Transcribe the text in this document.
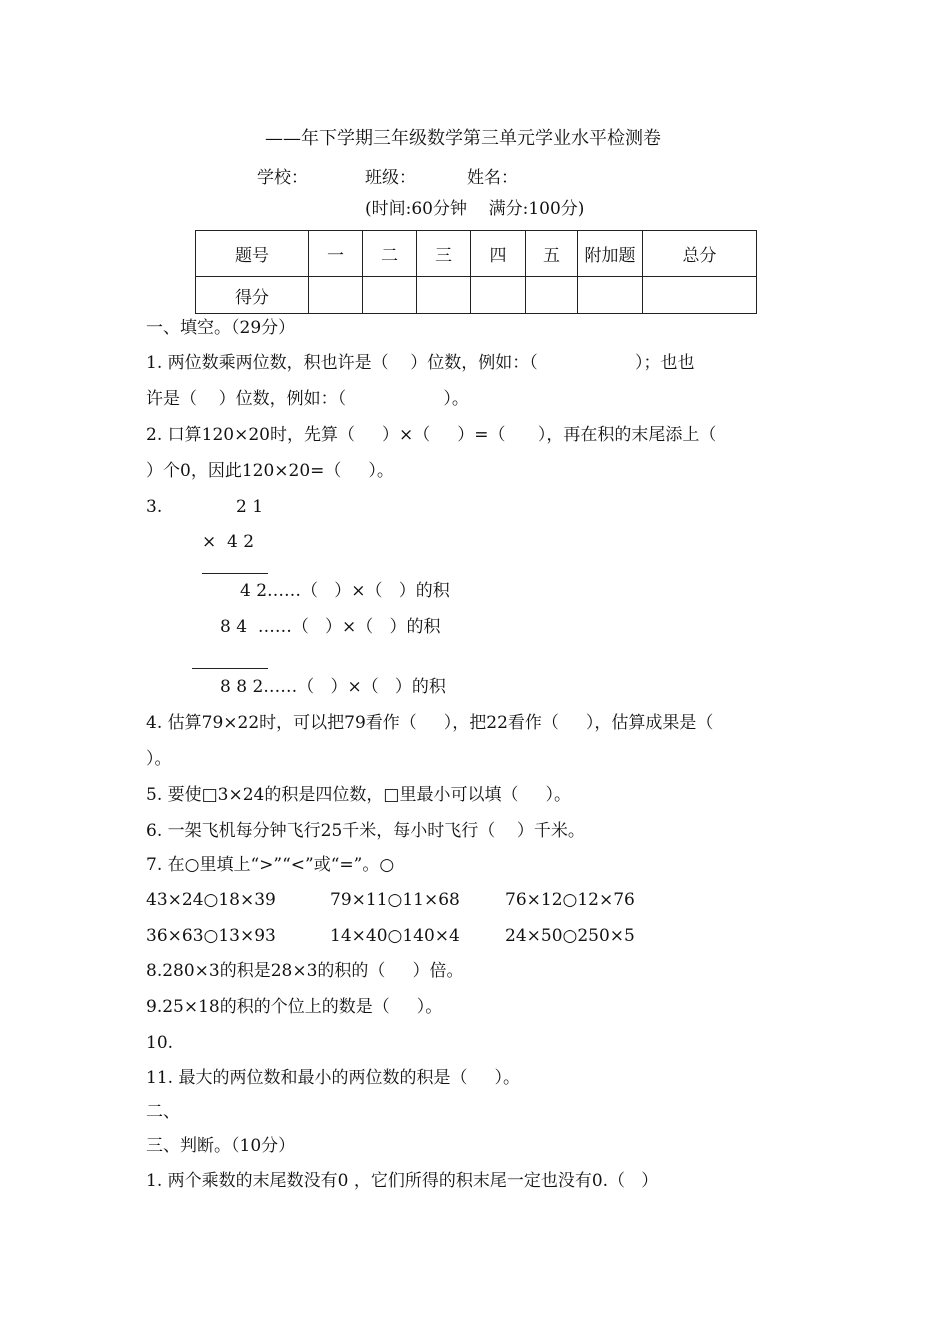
——年下学期三年级数学第三单元学业水平检测卷
学校：	班级：	姓名：
(时间:60分钟    满分:100分)
题号	一	二	三	四	五	附加题	总分
得分							
一、填空。（29分）
1. 两位数乘两位数，积也许是（    ）位数，例如：（                  ）；也也
许是（    ）位数，例如：（                  ）。
2. 口算120×20时，先算（     ）×（     ）=（      ），再在积的末尾添上（
）个0，因此120×20=（     ）。
3.	2 1
×  4 2
4 2……（   ）×（   ）的积
8 4  ……（   ）×（   ）的积
8 8 2……（   ）×（   ）的积
4. 估算79×22时，可以把79看作（     ），把22看作（     ），估算成果是（
）。
5. 要使□3×24的积是四位数，□里最小可以填（     ）。
6. 一架飞机每分钟飞行25千米，每小时飞行（    ）千米。
7. 在○里填上“>”“<”或“=”。○
43×24○18×39	79×11○11×68	76×12○12×76
36×63○13×93	14×40○140×4	24×50○250×5
8.280×3的积是28×3的积的（     ）倍。
9.25×18的积的个位上的数是（     ）。
10.
11. 最大的两位数和最小的两位数的积是（     ）。
二、
三、判断。（10分）
1. 两个乘数的末尾数没有0 ，它们所得的积末尾一定也没有0.（   ）
